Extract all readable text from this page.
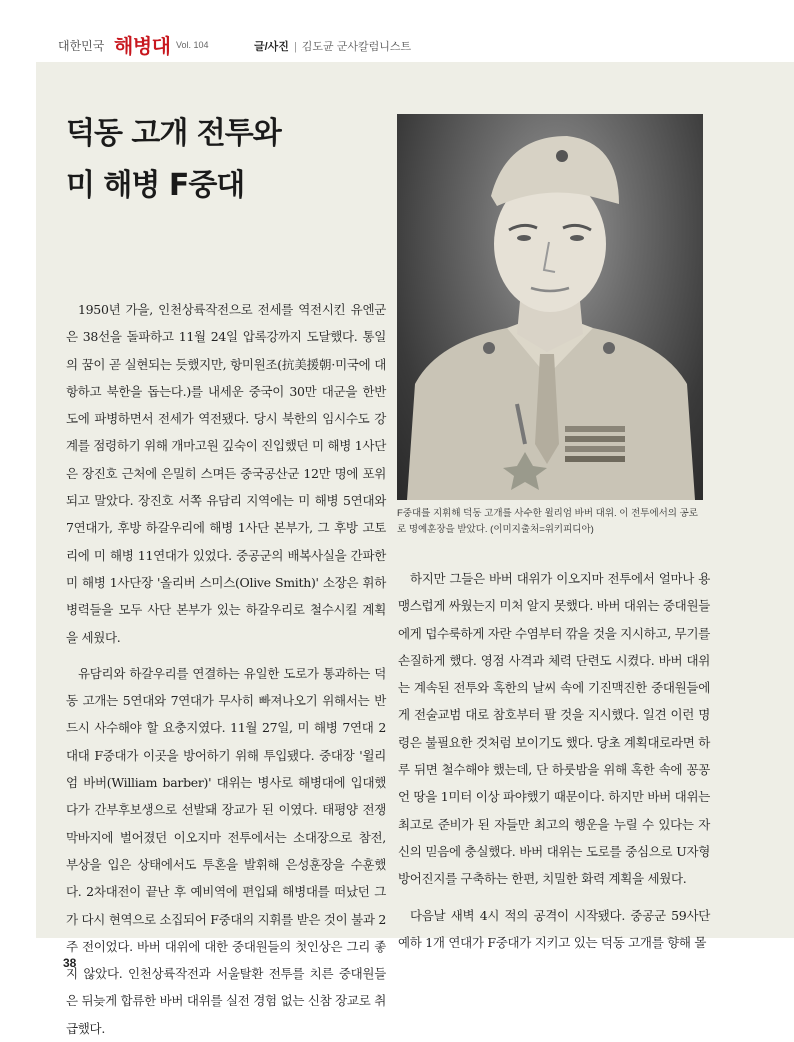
대한민국 해병대 Vol. 104	글/사진 | 김도균 군사칼럼니스트
덕동 고개 전투와
미 해병 F중대
F중대를 지휘해 덕동 고개를 사수한 윌리엄 바버 대위. 이 전투에서의 공로로 명예훈장을 받았다. (이미지출처=위키피디아)

1950년 가을, 인천상륙작전으로 전세를 역전시킨 유엔군은 38선을 돌파하고 11월 24일 압록강까지 도달했다. 통일의 꿈이 곧 실현되는 듯했지만, 항미원조(抗美援朝·미국에 대항하고 북한을 돕는다.)를 내세운 중국이 30만 대군을 한반도에 파병하면서 전세가 역전됐다. 당시 북한의 임시수도 강계를 점령하기 위해 개마고원 깊숙이 진입했던 미 해병 1사단은 장진호 근처에 은밀히 스며든 중국공산군 12만 명에 포위되고 말았다. 장진호 서쪽 유담리 지역에는 미 해병 5연대와 7연대가, 후방 하갈우리에 해병 1사단 본부가, 그 후방 고토리에 미 해병 11연대가 있었다. 중공군의 배복사실을 간파한 미 해병 1사단장 '올리버 스미스(Olive Smith)' 소장은 휘하 병력들을 모두 사단 본부가 있는 하갈우리로 철수시킬 계획을 세웠다.

유담리와 하갈우리를 연결하는 유일한 도로가 통과하는 덕동 고개는 5연대와 7연대가 무사히 빠져나오기 위해서는 반드시 사수해야 할 요충지였다. 11월 27일, 미 해병 7연대 2대대 F중대가 이곳을 방어하기 위해 투입됐다. 중대장 '윌리엄 바버(William barber)' 대위는 병사로 해병대에 입대했다가 간부후보생으로 선발돼 장교가 된 이였다. 태평양 전쟁 막바지에 벌어졌던 이오지마 전투에서는 소대장으로 참전, 부상을 입은 상태에서도 투혼을 발휘해 은성훈장을 수훈했다. 2차대전이 끝난 후 예비역에 편입돼 해병대를 떠났던 그가 다시 현역으로 소집되어 F중대의 지휘를 받은 것이 불과 2주 전이었다. 바버 대위에 대한 중대원들의 첫인상은 그리 좋지 않았다. 인천상륙작전과 서울탈환 전투를 치른 중대원들은 뒤늦게 합류한 바버 대위를 실전 경험 없는 신참 장교로 취급했다.

하지만 그들은 바버 대위가 이오지마 전투에서 얼마나 용맹스럽게 싸웠는지 미처 알지 못했다. 바버 대위는 중대원들에게 덥수룩하게 자란 수염부터 깎을 것을 지시하고, 무기를 손질하게 했다. 영점 사격과 체력 단련도 시켰다. 바버 대위는 계속된 전투와 혹한의 날씨 속에 기진맥진한 중대원들에게 전술교범 대로 참호부터 팔 것을 지시했다. 일견 이런 명령은 불필요한 것처럼 보이기도 했다. 당초 계획대로라면 하루 뒤면 철수해야 했는데, 단 하룻밤을 위해 혹한 속에 꽁꽁 언 땅을 1미터 이상 파야했기 때문이다. 하지만 바버 대위는 최고로 준비가 된 자들만 최고의 행운을 누릴 수 있다는 자신의 믿음에 충실했다. 바버 대위는 도로를 중심으로 U자형 방어진지를 구축하는 한편, 치밀한 화력 계획을 세웠다.

다음날 새벽 4시 적의 공격이 시작됐다. 중공군 59사단 예하 1개 연대가 F중대가 지키고 있는 덕동 고개를 향해 몰

38
